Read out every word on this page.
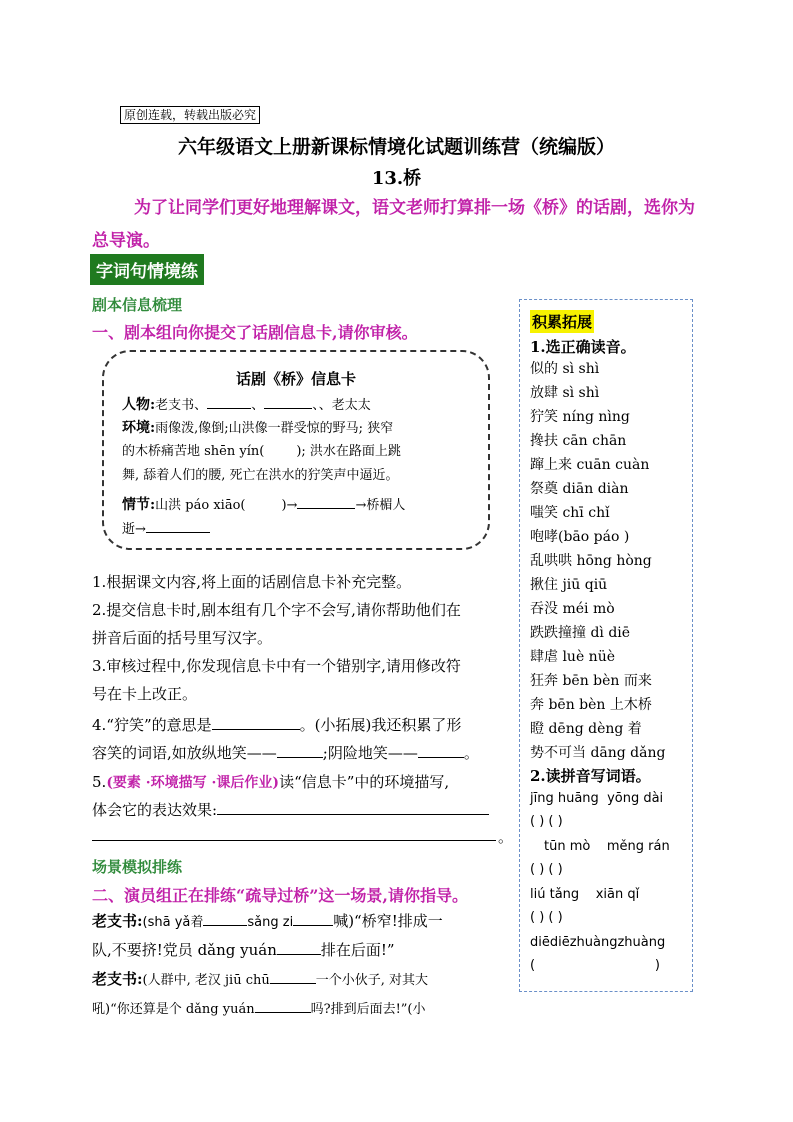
原创连载，转载出版必究
六年级语文上册新课标情境化试题训练营（统编版）
13.桥
为了让同学们更好地理解课文，语文老师打算排一场《桥》的话剧，选你为总导演。
字词句情境练
剧本信息梳理
一、剧本组向你提交了话剧信息卡,请你审核。
话剧《桥》信息卡
人物:老支书、	、	、、老太太
环境:雨像泼,像倒;山洪像一群受惊的野马; 狭窄
的木桥痛苦地 shēn yín( ); 洪水在路面上跳
舞, 舔着人们的腰, 死亡在洪水的狞笑声中逼近。
情节:山洪 páo xiāo(	)→	→桥楣人
逝→
1.根据课文内容,将上面的话剧信息卡补充完整。
2.提交信息卡时,剧本组有几个字不会写,请你帮助他们在
拼音后面的括号里写汉字。
3.审核过程中,你发现信息卡中有一个错别字,请用修改符
号在卡上改正。
4.“狞笑”的意思是	。(小拓展)我还积累了形
容笑的词语,如放纵地笑——	;阴险地笑——	。
5.(要素 ·环境描写 ·课后作业)读“信息卡”中的环境描写,
体会它的表达效果:
。
场景模拟排练
二、演员组正在排练“疏导过桥”这一场景,请你指导。
老支书:(shā yǎ着	sǎng zi	喊)“桥窄!排成一
队,不要挤!党员 dǎng yuán	排在后面!”
老支书:(人群中, 老汉 jiū chū	一个小伙子, 对其大
吼)“你还算是个 dǎng yuán	吗?排到后面去!”(小
积累拓展
1.选正确读音。
似的 sì shì
放肆 sì shì
狞笑 níng nìng
搀扶 cān chān
蹿上来 cuān cuàn
祭奠 diān diàn
嗤笑 chī chǐ
咆哮(bāo páo )
乱哄哄 hōng hòng
揪住 jiū qiū
吞没 méi mò
跌跌撞撞 dì diē
肆虐 luè nüè
狂奔 bēn bèn 而来
奔 bēn bèn 上木桥
瞪 dēng dèng 着
势不可当 dāng dǎng
2.读拼音写词语。
jīng huāng yōng dài
( ) ( )
tūn mò měng rán
( ) ( )
liú tǎng xiān qǐ
( ) ( )
diēdiēzhuàngzhuàng
(                             )
